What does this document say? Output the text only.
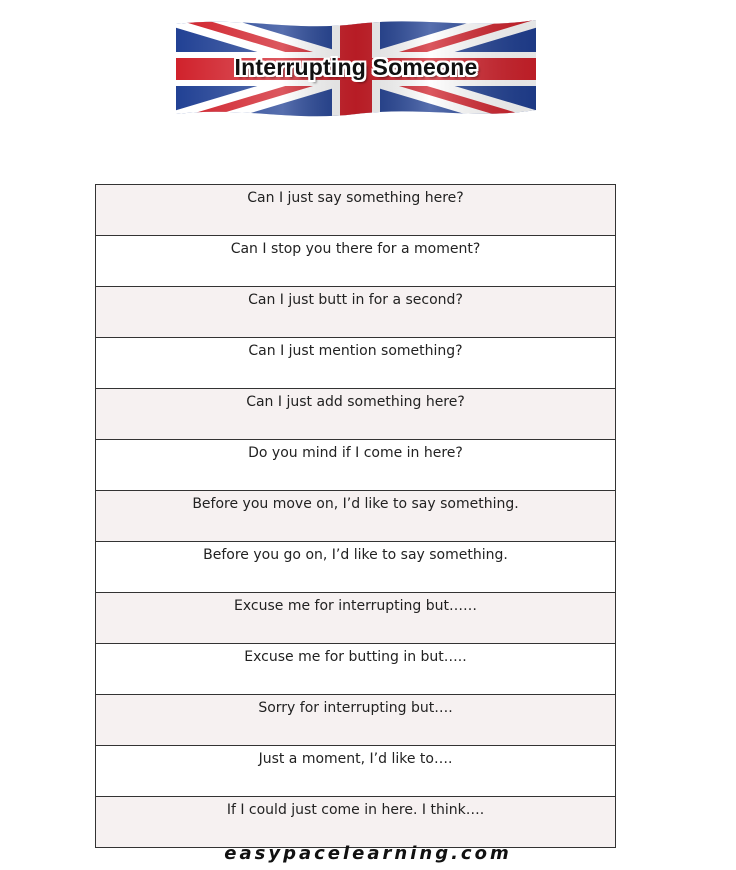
Interrupting Someone
Can I just say something here?
Can I stop you there for a moment?
Can I just butt in for a second?
Can I just mention something?
Can I just add something here?
Do you mind if I come in here?
Before you move on, I’d like to say something.
Before you go on, I’d like to say something.
Excuse me for interrupting but……
Excuse me for butting in but…..
Sorry for interrupting but….
Just a moment, I’d like to….
If I could just come in here. I think….
easypacelearning.com
